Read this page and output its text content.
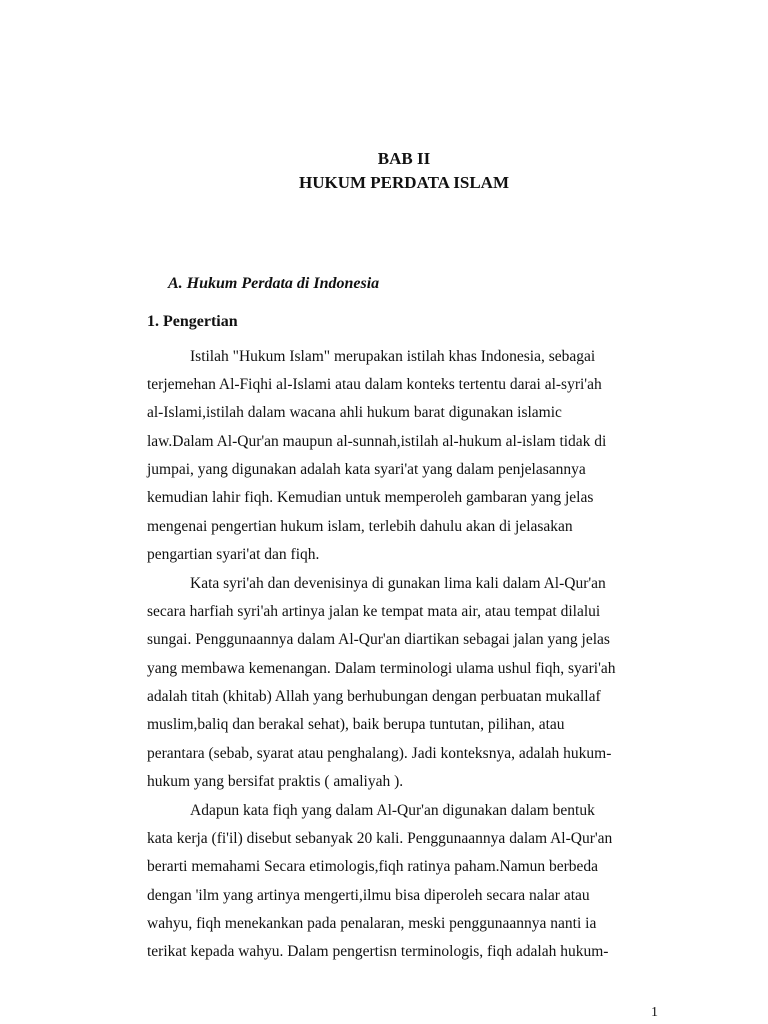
BAB II
HUKUM PERDATA ISLAM
A. Hukum Perdata di Indonesia
1. Pengertian
Istilah "Hukum Islam" merupakan istilah khas Indonesia, sebagai
terjemehan Al-Fiqhi al-Islami atau dalam konteks tertentu darai al-syri'ah
al-Islami,istilah dalam wacana ahli hukum barat digunakan islamic
law.Dalam Al-Qur'an maupun al-sunnah,istilah al-hukum al-islam tidak di
jumpai, yang digunakan adalah kata syari'at yang dalam penjelasannya
kemudian lahir fiqh. Kemudian untuk memperoleh gambaran yang jelas
mengenai pengertian hukum islam, terlebih dahulu akan di jelasakan
pengartian syari'at dan fiqh.
Kata syri'ah dan devenisinya di gunakan lima kali dalam Al-Qur'an
secara harfiah syri'ah artinya jalan ke tempat mata air, atau tempat dilalui
sungai. Penggunaannya dalam Al-Qur'an diartikan sebagai jalan yang jelas
yang membawa kemenangan. Dalam terminologi ulama ushul fiqh, syari'ah
adalah titah (khitab) Allah yang berhubungan dengan perbuatan mukallaf
muslim,baliq dan berakal sehat), baik berupa tuntutan, pilihan, atau
perantara (sebab, syarat atau penghalang). Jadi konteksnya, adalah hukum-
hukum yang bersifat praktis ( amaliyah ).
Adapun kata fiqh yang dalam Al-Qur'an digunakan dalam bentuk
kata kerja (fi'il) disebut sebanyak 20 kali. Penggunaannya dalam Al-Qur'an
berarti memahami Secara etimologis,fiqh ratinya paham.Namun berbeda
dengan 'ilm yang artinya mengerti,ilmu bisa diperoleh secara nalar atau
wahyu, fiqh menekankan pada penalaran, meski penggunaannya nanti ia
terikat kepada wahyu. Dalam pengertisn terminologis, fiqh adalah hukum-
1
